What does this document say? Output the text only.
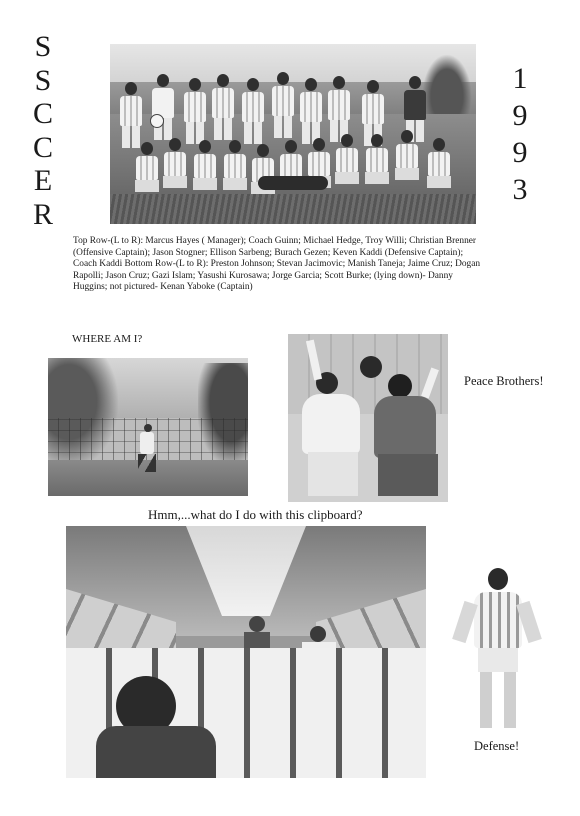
S
S
C
C
E
R
1
9
9
3
Top Row-(L to R): Marcus Hayes ( Manager); Coach Guinn; Michael Hedge, Troy Willi; Christian Brenner (Offensive Captain); Jason Stogner; Ellison Sarbeng; Burach Gezen; Keven Kaddi (Defensive Captain); Coach Kaddi Bottom Row-(L to R): Preston Johnson; Stevan Jacimovic; Manish Taneja; Jaime Cruz; Dogan Rapolli; Jason Cruz; Gazi Islam; Yasushi Kurosawa; Jorge Garcia; Scott Burke; (lying down)- Danny Huggins; not pictured- Kenan Yaboke (Captain)
WHERE AM I?
Peace Brothers!
Hmm,...what do I do with this clipboard?
Defense!
